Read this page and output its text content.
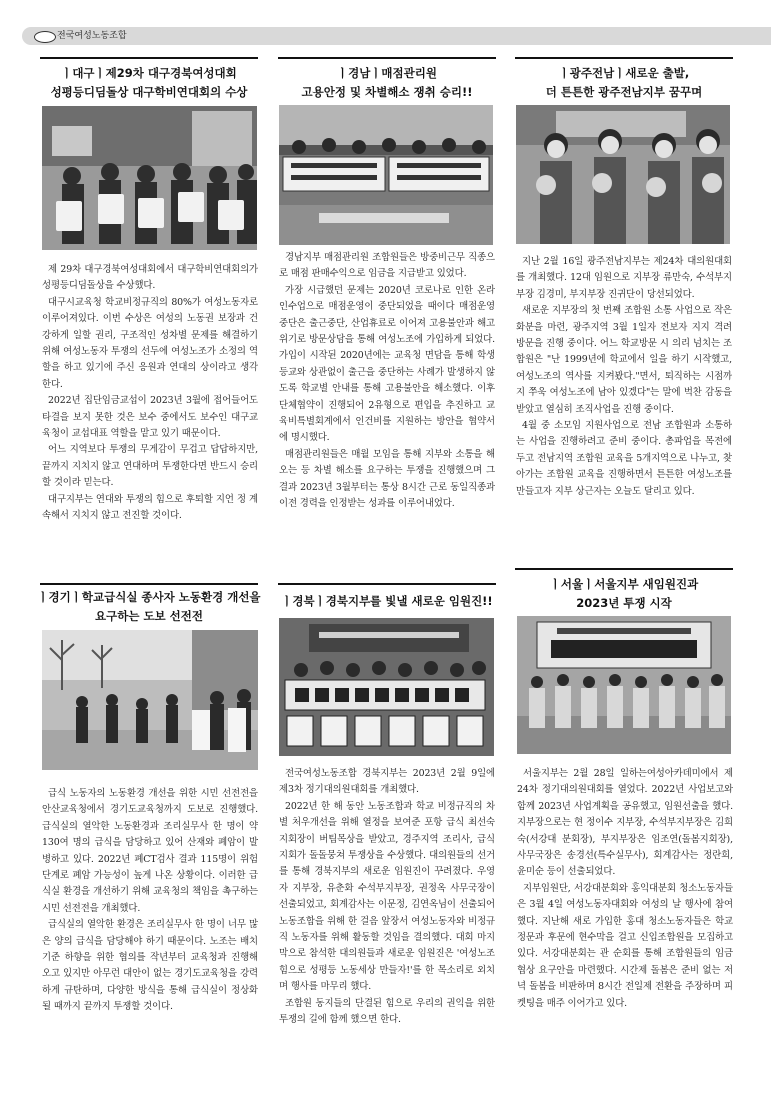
전국여성노동조합
ㅣ대구ㅣ제29차 대구경북여성대회
성평등디딤돌상 대구학비연대회의 수상

제 29차 대구경북여성대회에서 대구학비연대회의가 성평등디딤돌상을 수상했다.

대구시교육청 학교비정규직의 80%가 여성노동자로 이루어져있다. 이번 수상은 여성의 노동권 보장과 건강하게 일할 권리, 구조적인 성차별 문제를 해결하기 위해 여성노동자 투쟁의 선두에 여성노조가 소정의 역할을 하고 있기에 주신 응원과 연대의 상이라고 생각한다.

2022년 집단임금교섭이 2023년 3월에 접어들어도 타결을 보지 못한 것은 보수 중에서도 보수인 대구교육청이 교섭대표 역할을 맡고 있기 때문이다.

어느 지역보다 투쟁의 무게감이 무겁고 답답하지만, 끝까지 지치지 않고 연대하며 투쟁한다면 반드시 승리할 것이라 믿는다.

대구지부는 연대와 투쟁의 힘으로 후퇴할 지언 정 계속해서 지치지 않고 전진할 것이다.

ㅣ경기ㅣ학교급식실 종사자 노동환경 개선을
요구하는 도보 선전전

급식 노동자의 노동환경 개선을 위한 시민 선전전을 안산교육청에서 경기도교육청까지 도보로 진행했다. 급식실의 열악한 노동환경과 조리실무사 한 명이 약 130여 명의 급식을 담당하고 있어 산재와 폐암이 발병하고 있다. 2022년 폐CT검사 결과 115명이 위험단계로 폐암 가능성이 높게 나온 상황이다. 이러한 급식실 환경을 개선하기 위해 교육청의 책임을 촉구하는 시민 선전전을 개최했다.

급식실의 열악한 환경은 조리실무사 한 명이 너무 많은 양의 급식을 담당해야 하기 때문이다. 노조는 배치기준 하향을 위한 협의를 작년부터 교육청과 진행해 오고 있지만 아무런 대안이 없는 경기도교육청을 강력하게 규탄하며, 다양한 방식을 통해 급식실이 정상화 될 때까지 끝까지 투쟁할 것이다.

ㅣ경남ㅣ매점관리원
고용안정 및 차별해소 쟁취 승리!!

경남지부 매점관리원 조합원들은 방중비근무 직종으로 매점 판매수익으로 임금을 지급받고 있었다.

가장 시급했던 문제는 2020년 코로나로 인한 온라인수업으로 매점운영이 중단되었을 때이다 매점운영중단은 출근중단, 산업휴료로 이어져 고용불안과 해고위기로 방문상담을 통해 여성노조에 가입하게 되었다. 가입이 시작된 2020년에는 교육청 면담을 통해 학생 등교와 상관없이 출근을 중단하는 사례가 발생하지 않도록 학교별 안내를 통해 고용불안을 해소했다. 이후 단체협약이 진행되어 2유형으로 편입을 추진하고 교육비특별회계에서 인건비를 지원하는 방안을 협약서에 명시했다.

매점관리원들은 매월 모임을 통해 지부와 소통을 해오는 등 차별 해소를 요구하는 투쟁을 진행했으며 그 결과 2023년 3월부터는 통상 8시간 근로 동일직종과 이전 경력을 인정받는 성과를 이루어내었다.

ㅣ경북ㅣ경북지부를 빛낼 새로운 임원진!!

전국여성노동조합 경북지부는 2023년 2월 9일에 제3차 정기대의원대회를 개최했다.

2022년 한 해 동안 노동조합과 학교 비정규직의 차별 처우개선을 위해 열정을 보여준 포항 급식 최선숙 지회장이 버팀목상을 받았고, 경주지역 조리사, 급식지회가 돌돌뭉쳐 투쟁상을 수상했다. 대의원들의 선거를 통해 경북지부의 새로운 임원진이 꾸려졌다. 우영자 지부장, 유춘화 수석부지부장, 권정옥 사무국장이 선출되었고, 회계감사는 이문정, 김연옥님이 선출되어 노동조합을 위해 한 걸음 앞장서 여성노동자와 비정규직 노동자를 위해 활동할 것임을 결의했다. 대회 마지막으로 참석한 대의원들과 새로운 임원진은 '여성노조 힘으로 성평등 노동세상 만들자!'를 한 목소리로 외치며 행사를 마무리 했다.

조합원 동지들의 단결된 힘으로 우리의 권익을 위한 투쟁의 길에 함께 했으면 한다.

ㅣ광주전남ㅣ새로운 출발,
더 튼튼한 광주전남지부 꿈꾸며

지난 2월 16일 광주전남지부는 제24차 대의원대회를 개최했다. 12대 임원으로 지부장 류만숙, 수석부지부장 김경미, 부지부장 진귀단이 당선되었다.

새로운 지부장의 첫 번째 조합원 소통 사업으로 작은 화분을 마련, 광주지역 3월 1일자 전보자 지지 격려 방문을 진행 중이다. 어느 학교방문 시 의리 넘치는 조합원은 "난 1999년에 학교에서 일을 하기 시작했고, 여성노조의 역사를 지켜봤다."면서, 퇴직하는 시점까지 쭈욱 여성노조에 남아 있겠다"는 말에 벅찬 감동을 받았고 열심히 조직사업을 진행 중이다.

4월 중 소모임 지원사업으로 전남 조합원과 소통하는 사업을 진행하려고 준비 중이다. 총파업을 목전에 두고 전남지역 조합원 교육을 5개지역으로 나누고, 찾아가는 조합원 교육을 진행하면서 튼튼한 여성노조를 만들고자 지부 상근자는 오늘도 달리고 있다.

ㅣ서울ㅣ서울지부 새임원진과
2023년 투쟁 시작

서울지부는 2월 28일 일하는여성아카데미에서 제24차 정기대의원대회를 열었다. 2022년 사업보고와 함께 2023년 사업계획을 공유했고, 임원선출을 했다. 지부장으로는 현 정이수 지부장, 수석부지부장은 김희숙(서강대 분회장), 부지부장은 임조연(돌봄지회장), 사무국장은 송경선(특수실무사), 회계감사는 정란희, 윤미순 등이 선출되었다.

지부임원단, 서강대분회와 홍익대분회 청소노동자들은 3월 4일 여성노동자대회와 여성의 날 행사에 참여 했다. 지난해 새로 가입한 홍대 청소노동자들은 학교 정문과 후문에 현수막을 걸고 신입조합원을 모집하고 있다. 서강대분회는 관 순회를 통해 조합원들의 임금협상 요구안을 마련했다. 시간제 돌봄은 준비 없는 저녁 돌봄을 비판하며 8시간 전일제 전환을 주장하며 피켓팅을 매주 이어가고 있다.
